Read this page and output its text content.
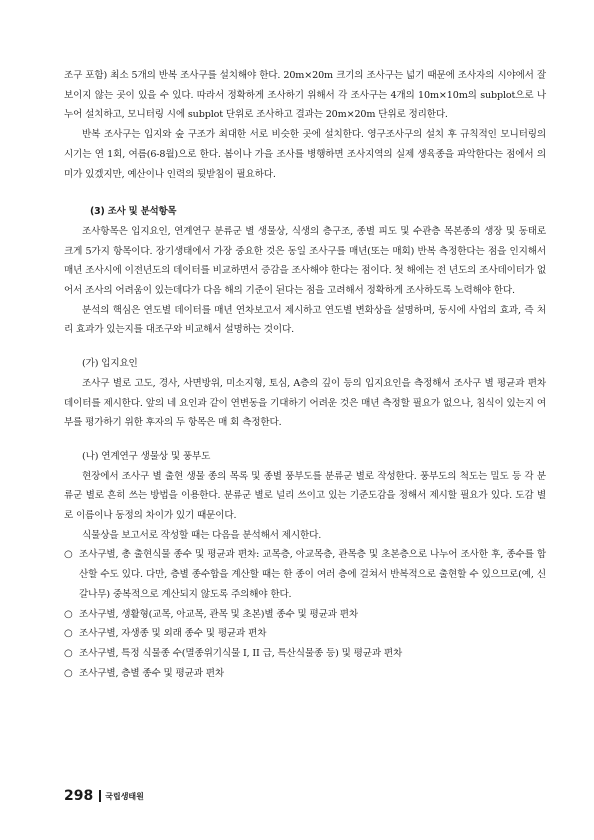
조구 포함) 최소 5개의 반복 조사구를 설치해야 한다. 20m×20m 크기의 조사구는 넓기 때문에 조사자의 시야에서 잘 보이지 않는 곳이 있을 수 있다. 따라서 정확하게 조사하기 위해서 각 조사구는 4개의 10m×10m의 subplot으로 나누어 설치하고, 모니터링 시에 subplot 단위로 조사하고 결과는 20m×20m 단위로 정리한다.

반복 조사구는 입지와 숲 구조가 최대한 서로 비슷한 곳에 설치한다. 영구조사구의 설치 후 규칙적인 모니터링의 시기는 연 1회, 여름(6-8월)으로 한다. 봄이나 가을 조사를 병행하면 조사지역의 실제 생육종을 파악한다는 점에서 의미가 있겠지만, 예산이나 인력의 뒷받침이 필요하다.

(3) 조사 및 분석항목

조사항목은 입지요인, 연계연구 분류군 별 생물상, 식생의 층구조, 종별 피도 및 수관층 목본종의 생장 및 동태로 크게 5가지 항목이다. 장기생태에서 가장 중요한 것은 동일 조사구를 매년(또는 매회) 반복 측정한다는 점을 인지해서 매년 조사시에 이전년도의 데이터를 비교하면서 증감을 조사해야 한다는 점이다. 첫 해에는 전 년도의 조사데이터가 없어서 조사의 어려움이 있는데다가 다음 해의 기준이 된다는 점을 고려해서 정확하게 조사하도록 노력해야 한다.

분석의 핵심은 연도별 데이터를 매년 연차보고서 제시하고 연도별 변화상을 설명하며, 동시에 사업의 효과, 즉 처리 효과가 있는지를 대조구와 비교해서 설명하는 것이다.

(가) 입지요인

조사구 별로 고도, 경사, 사면방위, 미소지형, 토심, A층의 깊이 등의 입지요인을 측정해서 조사구 별 평균과 편차 데이터를 제시한다. 앞의 네 요인과 같이 연변동을 기대하기 어려운 것은 매년 측정할 필요가 없으나, 침식이 있는지 여부를 평가하기 위한 후자의 두 항목은 매 회 측정한다.

(나) 연계연구 생물상 및 풍부도

현장에서 조사구 별 출현 생물 종의 목록 및 종별 풍부도를 분류군 별로 작성한다. 풍부도의 척도는 밀도 등 각 분류군 별로 흔히 쓰는 방법을 이용한다. 분류군 별로 널리 쓰이고 있는 기준도감을 정해서 제시할 필요가 있다. 도감 별로 이름이나 동정의 차이가 있기 때문이다.

식물상을 보고서로 작성할 때는 다음을 분석해서 제시한다.

○ 조사구별, 총 출현식물 종수 및 평균과 편차: 교목층, 아교목층, 관목층 및 초본층으로 나누어 조사한 후, 종수를 합산할 수도 있다. 다만, 층별 종수합을 계산할 때는 한 종이 여러 층에 걸쳐서 반복적으로 출현할 수 있으므로(예, 신갈나무) 중복적으로 계산되지 않도록 주의해야 한다.
○ 조사구별, 생활형(교목, 아교목, 관목 및 초본)별 종수 및 평균과 편차
○ 조사구별, 자생종 및 외래 종수 및 평균과 편차
○ 조사구별, 특정 식물종 수(멸종위기식물 I, II 급, 특산식물종 등) 및 평균과 편차
○ 조사구별, 층별 종수 및 평균과 편차
298 국립생태원
